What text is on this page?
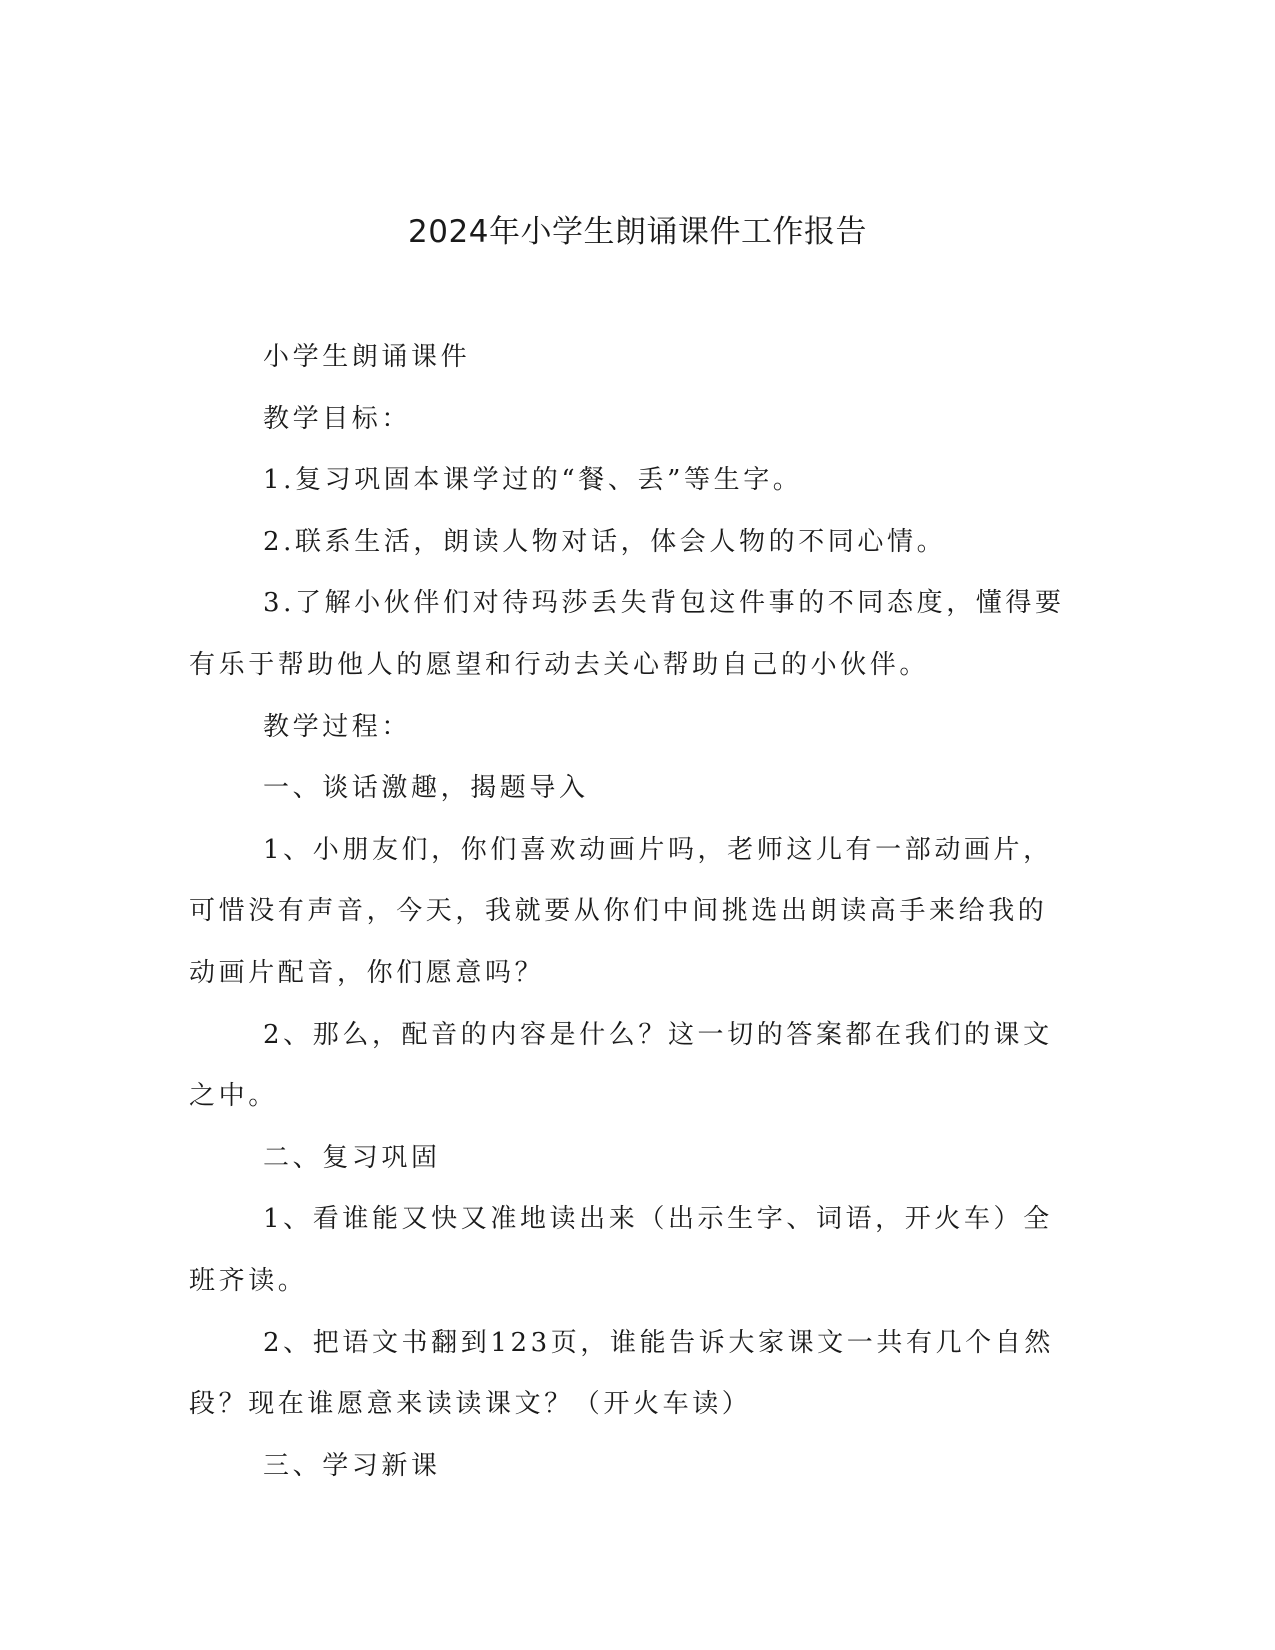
2024年小学生朗诵课件工作报告

小学生朗诵课件

教学目标：

1.复习巩固本课学过的“餐、丢”等生字。

2.联系生活，朗读人物对话，体会人物的不同心情。

3.了解小伙伴们对待玛莎丢失背包这件事的不同态度，懂得要有乐于帮助他人的愿望和行动去关心帮助自己的小伙伴。

教学过程：

一、谈话激趣，揭题导入

1、小朋友们，你们喜欢动画片吗，老师这儿有一部动画片，可惜没有声音，今天，我就要从你们中间挑选出朗读高手来给我的动画片配音，你们愿意吗？

2、那么，配音的内容是什么？这一切的答案都在我们的课文之中。

二、复习巩固

1、看谁能又快又准地读出来（出示生字、词语，开火车）全班齐读。

2、把语文书翻到123页，谁能告诉大家课文一共有几个自然段？现在谁愿意来读读课文？（开火车读）

三、学习新课
